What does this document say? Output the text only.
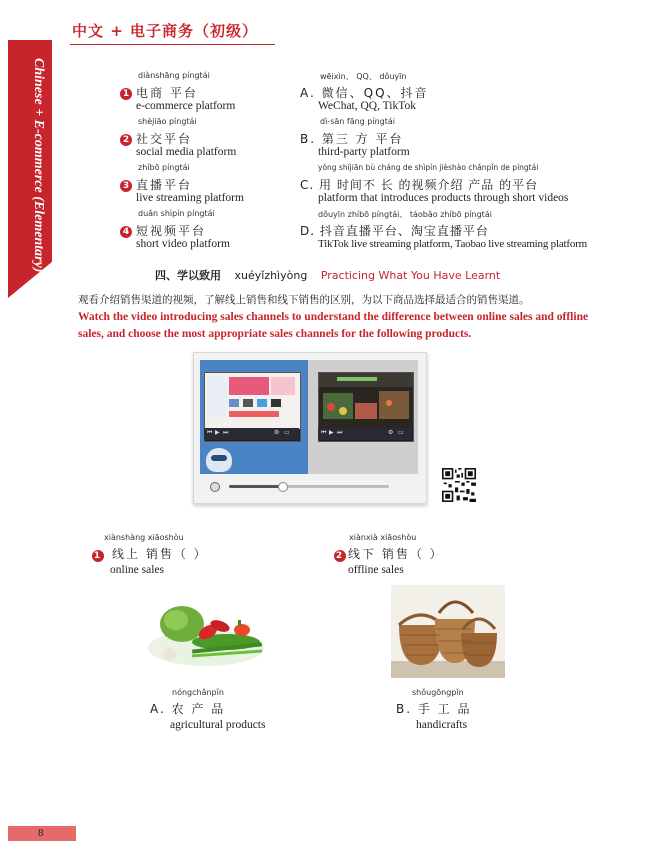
中文 + 电子商务（初级）
Chinese + E-commerce (Elementary)	diànshāng píngtái
1 电商 平台
e-commerce platform
shèjiāo píngtái
2 社交平台
social media platform
zhíbō píngtái
3 直播平台
live streaming platform
duǎn shìpín píngtái
4 短视频平台
short video platform
wēixìn、 QQ、 dǒuyīn
A. 微信、QQ、抖音
WeChat, QQ, TikTok
dì-sān fāng píngtái
B. 第三 方 平台
third-party platform
yòng shíjiān bù cháng de shìpín jièshào chǎnpǐn de píngtái
C. 用 时间不 长 的视频介绍 产品 的平台
platform that introduces products through short videos
dǒuyīn zhíbō píngtái、 táobǎo zhíbō píngtái
D. 抖音直播平台、淘宝直播平台
TikTok live streaming platform, Taobao live streaming platform
四、学以致用 xuéyǐzhìyòng Practicing What You Have Learnt
观看介绍销售渠道的视频，了解线上销售和线下销售的区别，为以下商品选择最适合的销售渠道。
Watch the video introducing sales channels to understand the difference between online sales and offline sales, and choose the most appropriate sales channels for the following products.
⏮ ▶ ⏭	⚙ ▭	⏮ ▶ ⏭	⚙ ▭
xiànshàng xiāoshòu
1 线上 销售（ ）
online sales
xiànxià xiāoshòu
2 线下 销售（ ）
offline sales
nóngchǎnpǐn
A. 农 产 品
agricultural products
shǒugōngpǐn
B. 手 工 品
handicrafts
8
